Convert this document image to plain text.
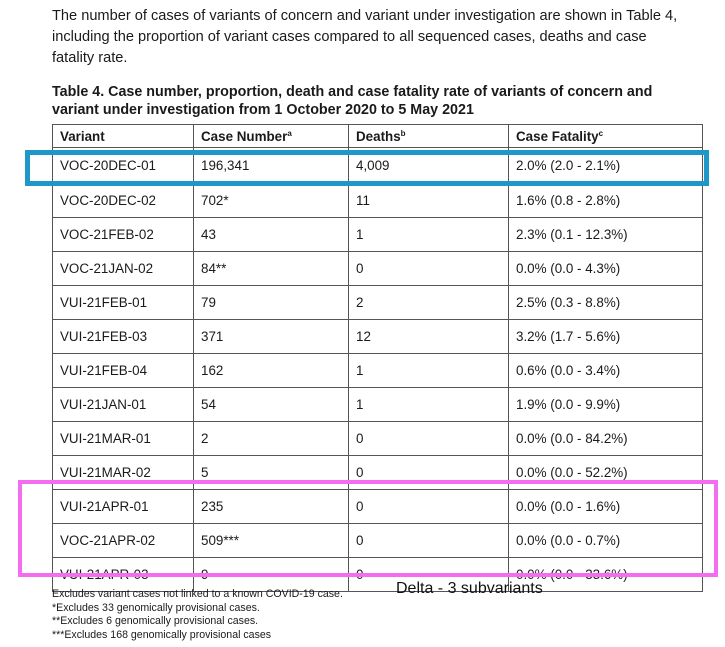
The number of cases of variants of concern and variant under investigation are shown in Table 4, including the proportion of variant cases compared to all sequenced cases, deaths and case fatality rate.

Table 4. Case number, proportion, death and case fatality rate of variants of concern and variant under investigation from 1 October 2020 to 5 May 2021

Variant	Case Number$^a$	Deaths$^b$	Case Fatality$^c$
VOC-20DEC-01	196,341	4,009	2.0% (2.0 - 2.1%)
VOC-20DEC-02	702*	11	1.6% (0.8 - 2.8%)
VOC-21FEB-02	43	1	2.3% (0.1 - 12.3%)
VOC-21JAN-02	84**	0	0.0% (0.0 - 4.3%)
VUI-21FEB-01	79	2	2.5% (0.3 - 8.8%)
VUI-21FEB-03	371	12	3.2% (1.7 - 5.6%)
VUI-21FEB-04	162	1	0.6% (0.0 - 3.4%)
VUI-21JAN-01	54	1	1.9% (0.0 - 9.9%)
VUI-21MAR-01	2	0	0.0% (0.0 - 84.2%)
VUI-21MAR-02	5	0	0.0% (0.0 - 52.2%)
VUI-21APR-01	235	0	0.0% (0.0 - 1.6%)
VOC-21APR-02	509***	0	0.0% (0.0 - 0.7%)
VUI-21APR-03	9	0	0.0% (0.0 - 33.6%)
Delta - 3 subvariants
Excludes variant cases not linked to a known COVID-19 case.
*Excludes 33 genomically provisional cases.
**Excludes 6 genomically provisional cases.
***Excludes 168 genomically provisional cases
